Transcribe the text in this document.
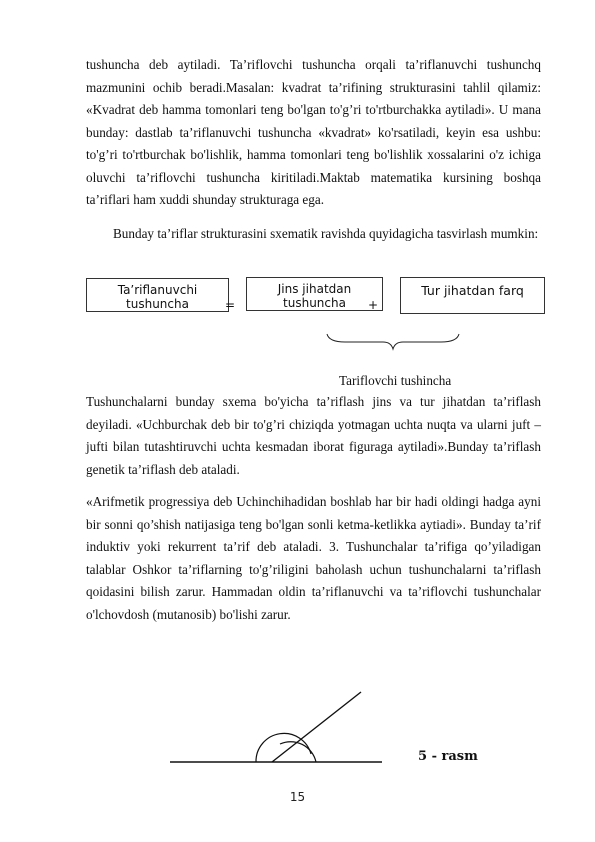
tushuncha deb aytiladi. Ta’riflovchi tushuncha orqali ta’riflanuvchi tushunchq mazmunini ochib beradi.Masalan: kvadrat ta’rifining strukturasini tahlil qilamiz: «Kvadrat deb hamma tomonlari teng bo'lgan to'g’ri to'rtburchakka aytiladi». U mana bunday: dastlab ta’riflanuvchi tushuncha «kvadrat» ko'rsatiladi, keyin esa ushbu: to'g’ri to'rtburchak bo'lishlik, hamma tomonlari teng bo'lishlik xossalarini o'z ichiga oluvchi ta’riflovchi tushuncha kiritiladi.Maktab matematika kursining boshqa ta’riflari ham xuddi shunday strukturaga ega.
Bunday ta’riflar strukturasini sxematik ravishda quyidagicha tasvirlash mumkin:
Ta’riflanuvchi tushuncha	=
Jins jihatdan tushuncha	+
Tur jihatdan farq
Tariflovchi tushincha
Tushunchalarni bunday sxema bo'yicha ta’riflash jins va tur jihatdan ta’riflash deyiladi. «Uchburchak deb bir to'g’ri chiziqda yotmagan uchta nuqta va ularni juft – jufti bilan tutashtiruvchi uchta kesmadan iborat figuraga aytiladi».Bunday ta’riflash genetik ta’riflash deb ataladi.
«Arifmetik progressiya deb Uchinchihadidan boshlab har bir hadi oldingi hadga ayni bir sonni qo’shish natijasiga teng bo'lgan sonli ketma-ketlikka aytiadi». Bunday ta’rif induktiv yoki rekurrent ta’rif deb ataladi. 3. Tushunchalar ta’rifiga qo’yiladigan talablar Oshkor ta’riflarning to'g’riligini baholash uchun tushunchalarni ta’riflash qoidasini bilish zarur. Hammadan oldin ta’riflanuvchi va ta’riflovchi tushunchalar o'lchovdosh (mutanosib) bo'lishi zarur.
5 - rasm
15
